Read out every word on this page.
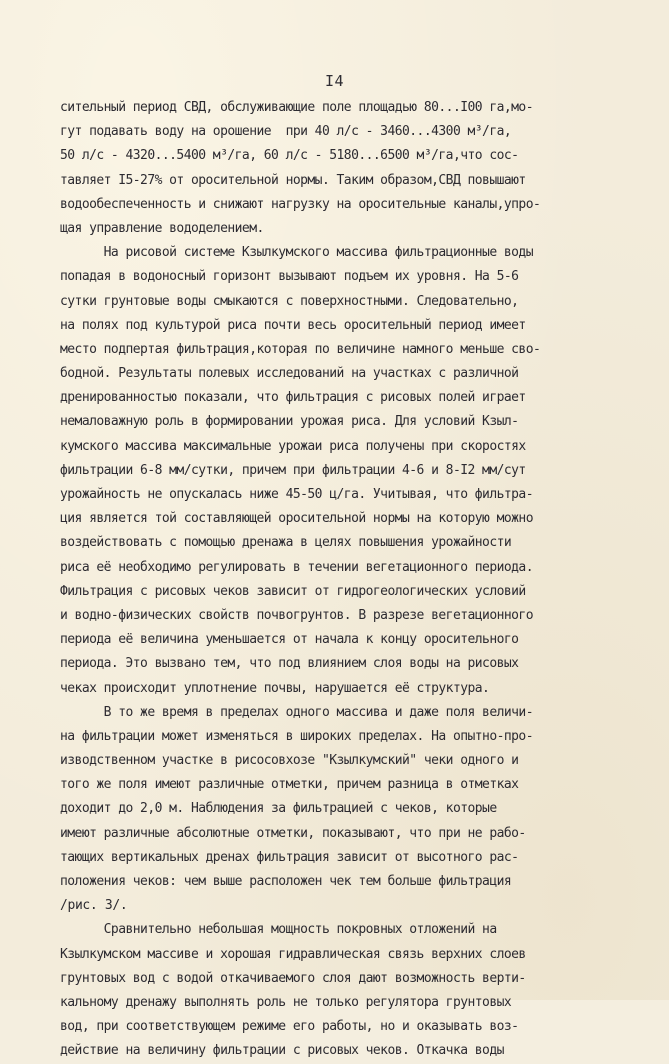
I4
сительный период СВД, обслуживающие поле площадью 80...I00 га,мо-
гут подавать воду на орошение  при 40 л/с - 3460...4300 м³/га,
50 л/с - 4320...5400 м³/га, 60 л/с - 5180...6500 м³/га,что сос-
тавляет I5-27% от оросительной нормы. Таким образом,СВД повышают
водообеспеченность и снижают нагрузку на оросительные каналы,упро-
щая управление вододелением.
На рисовой системе Кзылкумского массива фильтрационные воды
попадая в водоносный горизонт вызывают подъем их уровня. На 5-6
сутки грунтовые воды смыкаются с поверхностными. Следовательно,
на полях под культурой риса почти весь оросительный период имеет
место подпертая фильтрация,которая по величине намного меньше сво-
бодной. Результаты полевых исследований на участках с различной
дренированностью показали, что фильтрация с рисовых полей играет
немаловажную роль в формировании урожая риса. Для условий Кзыл-
кумского массива максимальные урожаи риса получены при скоростях
фильтрации 6-8 мм/сутки, причем при фильтрации 4-6 и 8-I2 мм/сут
урожайность не опускалась ниже 45-50 ц/га. Учитывая, что фильтра-
ция является той составляющей оросительной нормы на которую можно
воздействовать с помощью дренажа в целях повышения урожайности
риса её необходимо регулировать в течении вегетационного периода.
Фильтрация с рисовых чеков зависит от гидрогеологических условий
и водно-физических свойств почвогрунтов. В разрезе вегетационного
периода её величина уменьшается от начала к концу оросительного
периода. Это вызвано тем, что под влиянием слоя воды на рисовых
чеках происходит уплотнение почвы, нарушается её структура.
В то же время в пределах одного массива и даже поля величи-
на фильтрации может изменяться в широких пределах. На опытно-про-
изводственном участке в рисосовхозе "Кзылкумский" чеки одного и
того же поля имеют различные отметки, причем разница в отметках
доходит до 2,0 м. Наблюдения за фильтрацией с чеков, которые
имеют различные абсолютные отметки, показывают, что при не рабо-
тающих вертикальных дренах фильтрация зависит от высотного рас-
положения чеков: чем выше расположен чек тем больше фильтрация
/рис. 3/.
Сравнительно небольшая мощность покровных отложений на
Кзылкумском массиве и хорошая гидравлическая связь верхних слоев
грунтовых вод с водой откачиваемого слоя дают возможность верти-
кальному дренажу выполнять роль не только регулятора грунтовых
вод, при соответствующем режиме его работы, но и оказывать воз-
действие на величину фильтрации с рисовых чеков. Откачка воды
